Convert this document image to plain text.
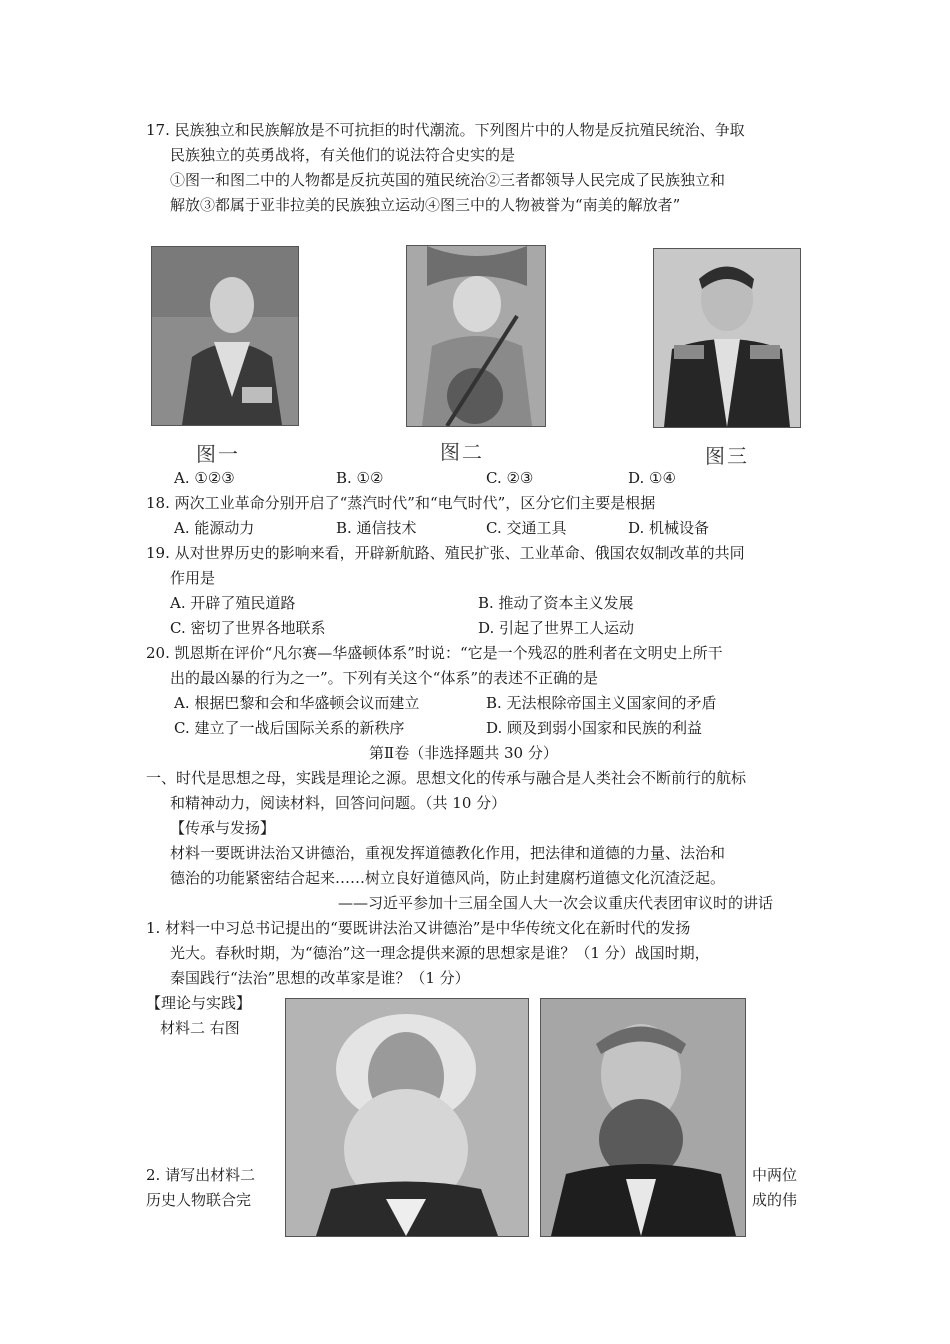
17. 民族独立和民族解放是不可抗拒的时代潮流。下列图片中的人物是反抗殖民统治、争取
民族独立的英勇战将，有关他们的说法符合史实的是
①图一和图二中的人物都是反抗英国的殖民统治②三者都领导人民完成了民族独立和
解放③都属于亚非拉美的民族独立运动④图三中的人物被誉为“南美的解放者”
图一	图二	图三
A. ①②③	B. ①②	C. ②③	D. ①④
18. 两次工业革命分别开启了“蒸汽时代”和“电气时代”，区分它们主要是根据
A. 能源动力	B. 通信技术	C. 交通工具	D. 机械设备
19. 从对世界历史的影响来看，开辟新航路、殖民扩张、工业革命、俄国农奴制改革的共同
作用是
A. 开辟了殖民道路	B. 推动了资本主义发展
C. 密切了世界各地联系	D. 引起了世界工人运动
20. 凯恩斯在评价“凡尔赛—华盛顿体系”时说：“它是一个残忍的胜利者在文明史上所干
出的最凶暴的行为之一”。下列有关这个“体系”的表述不正确的是
A. 根据巴黎和会和华盛顿会议而建立	B. 无法根除帝国主义国家间的矛盾
C. 建立了一战后国际关系的新秩序	D. 顾及到弱小国家和民族的利益
第Ⅱ卷（非选择题共 30 分）
一、时代是思想之母，实践是理论之源。思想文化的传承与融合是人类社会不断前行的航标
和精神动力，阅读材料，回答问问题。（共 10 分）
【传承与发扬】
材料一要既讲法治又讲德治，重视发挥道德教化作用，把法律和道德的力量、法治和
德治的功能紧密结合起来……树立良好道德风尚，防止封建腐朽道德文化沉渣泛起。
——习近平参加十三届全国人大一次会议重庆代表团审议时的讲话
1. 材料一中习总书记提出的“要既讲法治又讲德治”是中华传统文化在新时代的发扬
光大。春秋时期，为“德治”这一理念提供来源的思想家是谁？（1 分）战国时期，
秦国践行“法治”思想的改革家是谁？（1 分）
【理论与实践】
材料二 右图
2. 请写出材料二
历史人物联合完
中两位
成的伟
